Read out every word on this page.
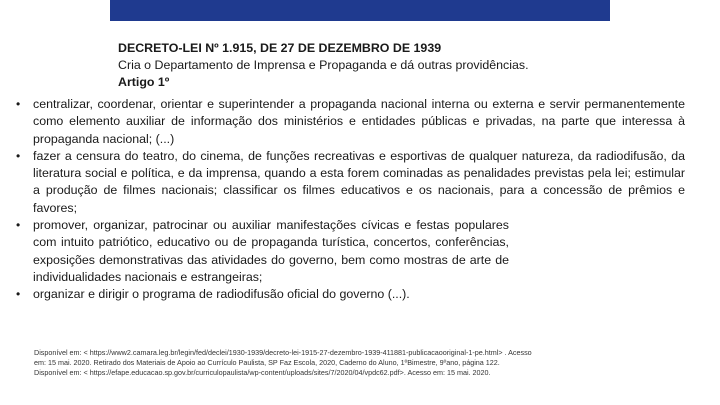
DECRETO-LEI Nº 1.915, DE 27 DE DEZEMBRO DE 1939
Cria o Departamento de Imprensa e Propaganda e dá outras providências.
Artigo 1º
• centralizar, coordenar, orientar e superintender a propaganda nacional interna ou externa e servir permanentemente como elemento auxiliar de informação dos ministérios e entidades públicas e privadas, na parte que interessa à propaganda nacional; (...)
• fazer a censura do teatro, do cinema, de funções recreativas e esportivas de qualquer natureza, da radiodifusão, da literatura social e política, e da imprensa, quando a esta forem cominadas as penalidades previstas pela lei; estimular a produção de filmes nacionais; classificar os filmes educativos e os nacionais, para a concessão de prêmios e favores;
• promover, organizar, patrocinar ou auxiliar manifestações cívicas e festas populares com intuito patriótico, educativo ou de propaganda turística, concertos, conferências, exposições demonstrativas das atividades do governo, bem como mostras de arte de individualidades nacionais e estrangeiras;
• organizar e dirigir o programa de radiodifusão oficial do governo (...).
Disponível em: < https://www2.camara.leg.br/legin/fed/declei/1930-1939/decreto-lei-1915-27-dezembro-1939-411881-publicacaooriginal-1-pe.html> . Acesso em: 15 mai. 2020. Retirado dos Materiais de Apoio ao Currículo Paulista, SP Faz Escola, 2020, Caderno do Aluno, 1ºBimestre, 9ºano, página 122. Disponível em: < https://efape.educacao.sp.gov.br/curriculopaulista/wp-content/uploads/sites/7/2020/04/vpdc62.pdf>. Acesso em: 15 mai. 2020.
